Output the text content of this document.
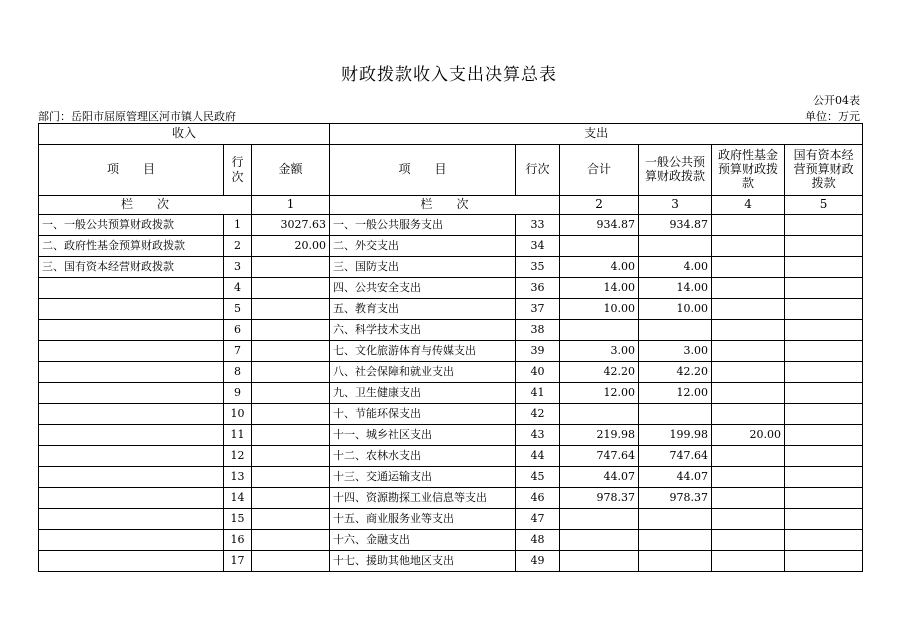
财政拨款收入支出决算总表
公开04表
部门：岳阳市屈原管理区河市镇人民政府	单位：万元
收入			支出					
项　　目	行次	金额	项　　目	行次	合计	一般公共预算财政拨款	政府性基金预算财政拨款	国有资本经营预算财政拨款
栏　　次		1	栏　　次		2	3	4	5
一、一般公共预算财政拨款	1	3027.63	一、一般公共服务支出	33	934.87	934.87		
二、政府性基金预算财政拨款	2	20.00	二、外交支出	34				
三、国有资本经营财政拨款	3		三、国防支出	35	4.00	4.00		
	4		四、公共安全支出	36	14.00	14.00		
	5		五、教育支出	37	10.00	10.00		
	6		六、科学技术支出	38				
	7		七、文化旅游体育与传媒支出	39	3.00	3.00		
	8		八、社会保障和就业支出	40	42.20	42.20		
	9		九、卫生健康支出	41	12.00	12.00		
	10		十、节能环保支出	42				
	11		十一、城乡社区支出	43	219.98	199.98	20.00	
	12		十二、农林水支出	44	747.64	747.64		
	13		十三、交通运输支出	45	44.07	44.07		
	14		十四、资源勘探工业信息等支出	46	978.37	978.37		
	15		十五、商业服务业等支出	47				
	16		十六、金融支出	48				
	17		十七、援助其他地区支出	49				
